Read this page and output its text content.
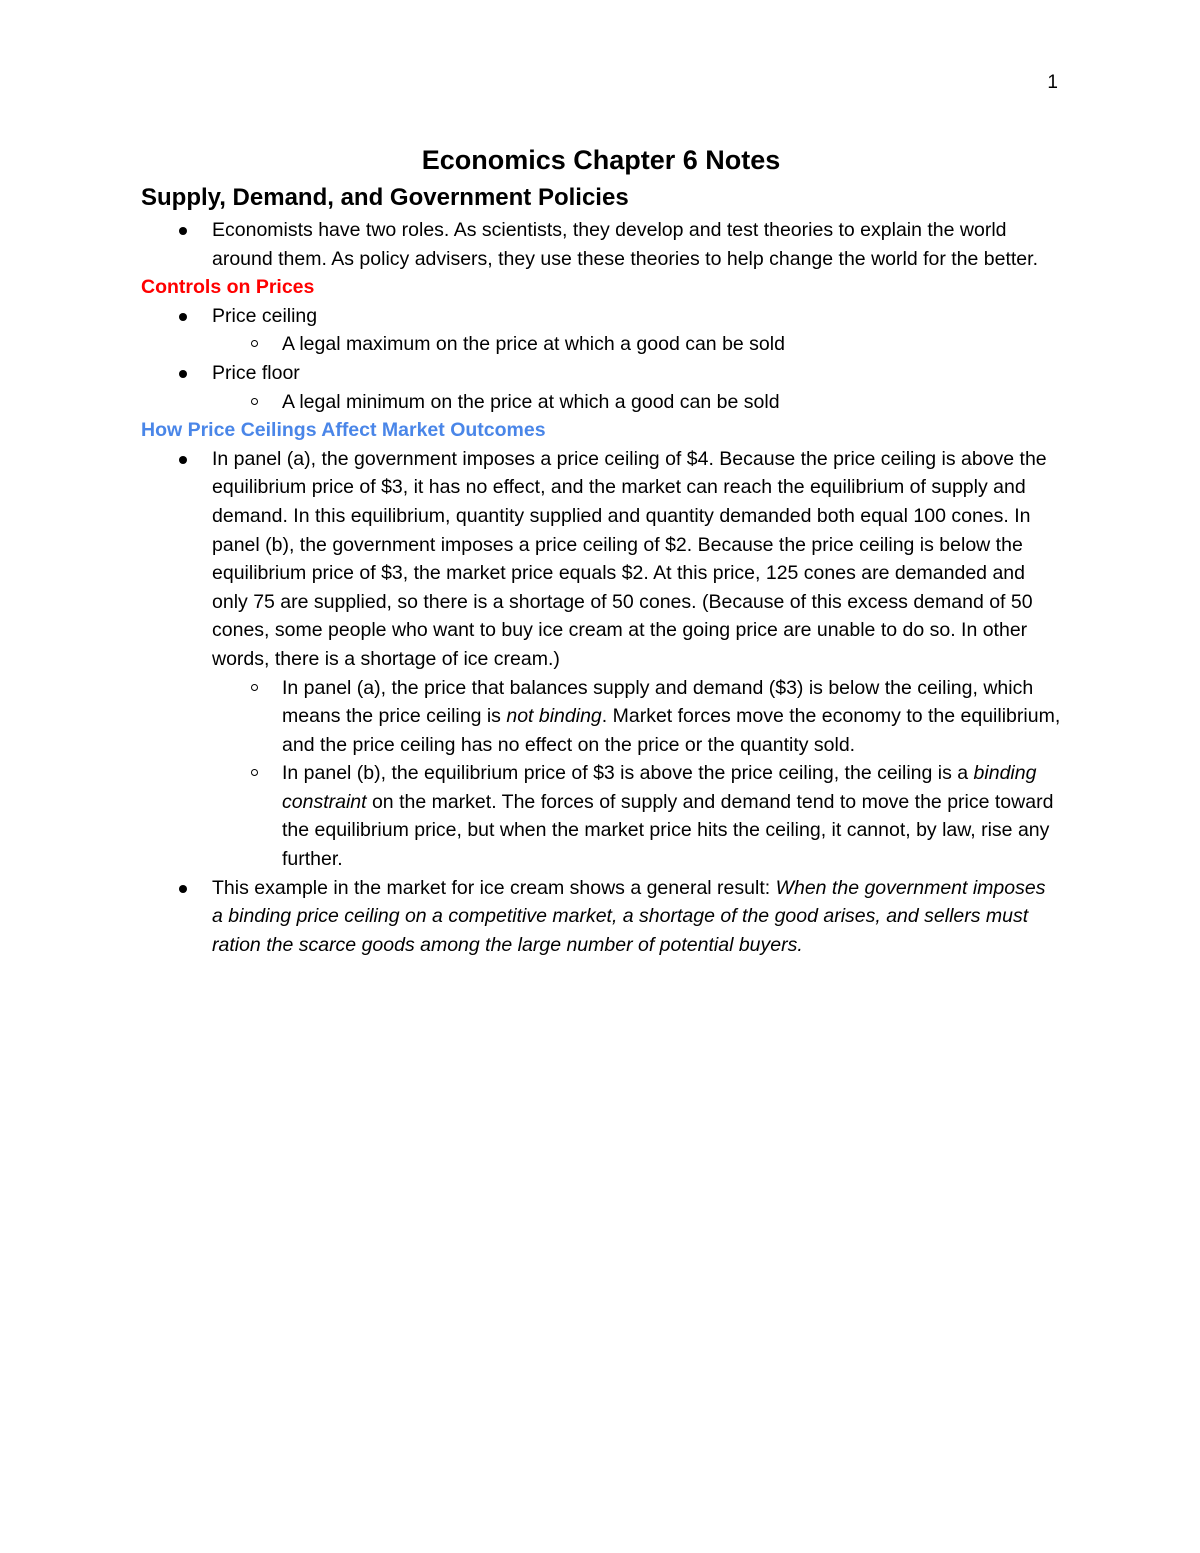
1
Economics Chapter 6 Notes
Supply, Demand, and Government Policies
Economists have two roles. As scientists, they develop and test theories to explain the world around them. As policy advisers, they use these theories to help change the world for the better.
Controls on Prices
Price ceiling
A legal maximum on the price at which a good can be sold
Price floor
A legal minimum on the price at which a good can be sold
How Price Ceilings Affect Market Outcomes
In panel (a), the government imposes a price ceiling of $4. Because the price ceiling is above the equilibrium price of $3, it has no effect, and the market can reach the equilibrium of supply and demand. In this equilibrium, quantity supplied and quantity demanded both equal 100 cones. In panel (b), the government imposes a price ceiling of $2. Because the price ceiling is below the equilibrium price of $3, the market price equals $2. At this price, 125 cones are demanded and only 75 are supplied, so there is a shortage of 50 cones. (Because of this excess demand of 50 cones, some people who want to buy ice cream at the going price are unable to do so. In other words, there is a shortage of ice cream.)
In panel (a), the price that balances supply and demand ($3) is below the ceiling, which means the price ceiling is not binding. Market forces move the economy to the equilibrium, and the price ceiling has no effect on the price or the quantity sold.
In panel (b), the equilibrium price of $3 is above the price ceiling, the ceiling is a binding constraint on the market. The forces of supply and demand tend to move the price toward the equilibrium price, but when the market price hits the ceiling, it cannot, by law, rise any further.
This example in the market for ice cream shows a general result: When the government imposes a binding price ceiling on a competitive market, a shortage of the good arises, and sellers must ration the scarce goods among the large number of potential buyers.
